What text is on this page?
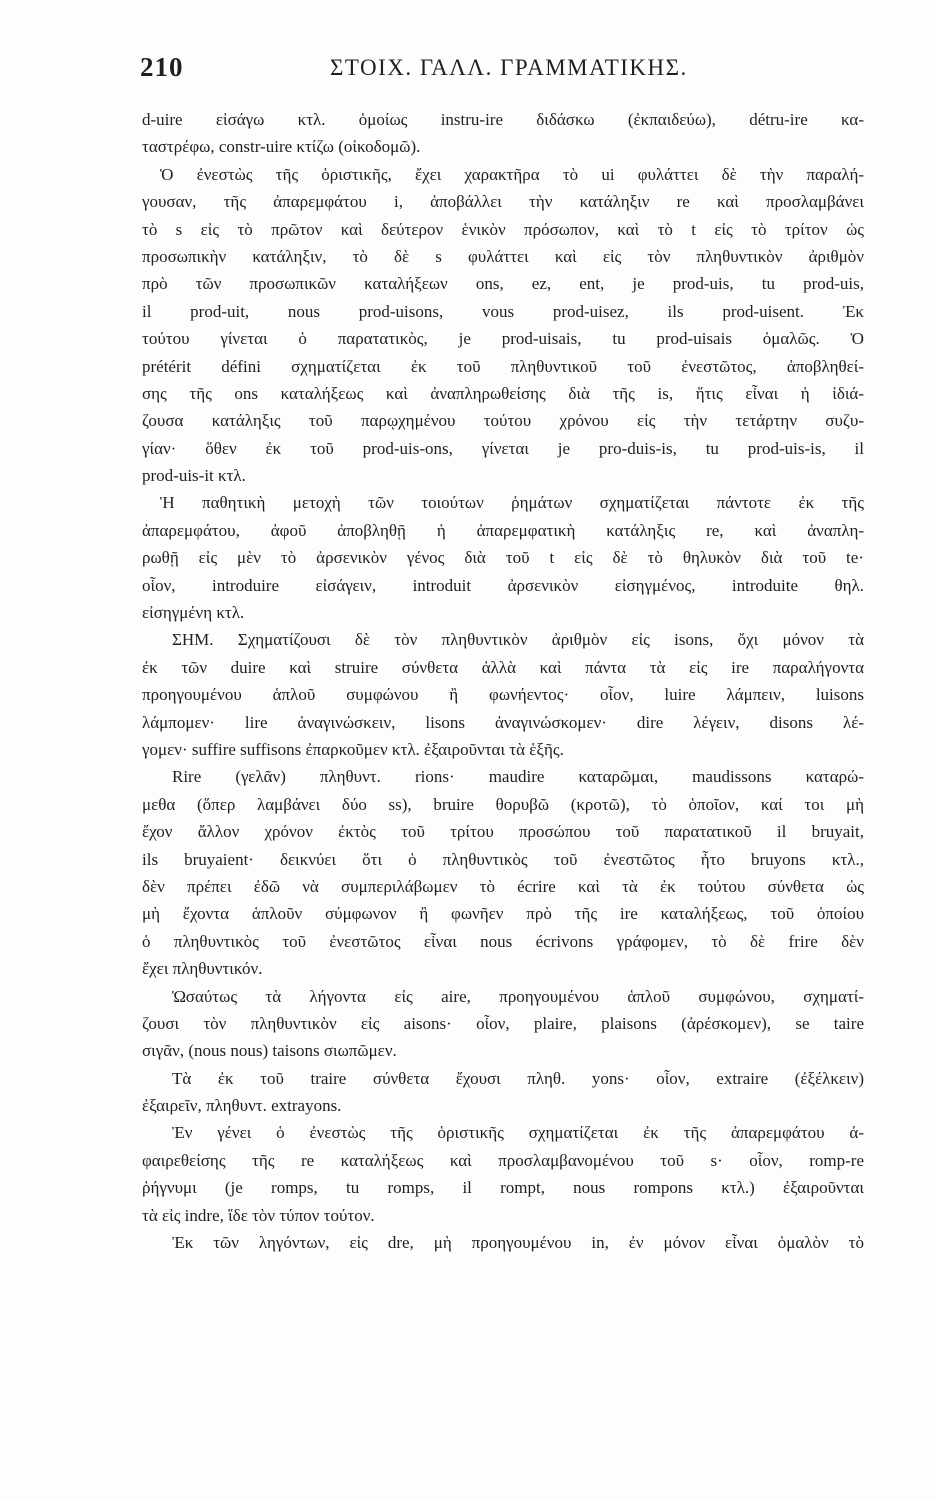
210	ΣΤΟΙΧ. ΓΑΛΛ. ΓΡΑΜΜΑΤΙΚΗΣ.
d-uire εἰσάγω κτλ. ὁμοίως instru-ire διδάσκω (ἐκπαιδεύω), détru-ire κα-
ταστρέφω, constr-uire κτίζω (οἰκοδομῶ).
Ὁ ἐνεστὼς τῆς ὁριστικῆς, ἔχει χαρακτῆρα τὸ ui φυλάττει δὲ τὴν παραλή-
γουσαν, τῆς ἀπαρεμφάτου i, ἀποβάλλει τὴν κατάληξιν re καὶ προσλαμβάνει
τὸ s εἰς τὸ πρῶτον καὶ δεύτερον ἑνικὸν πρόσωπον, καὶ τὸ t εἰς τὸ τρίτον ὡς
προσωπικὴν κατάληξιν, τὸ δὲ s φυλάττει καὶ εἰς τὸν πληθυντικὸν ἀριθμὸν
πρὸ τῶν προσωπικῶν καταλήξεων ons, ez, ent, je prod-uis, tu prod-uis,
il prod-uit, nous prod-uisons, vous prod-uisez, ils prod-uisent. Ἐκ
τούτου γίνεται ὁ παρατατικὸς, je prod-uisais, tu prod-uisais ὁμαλῶς. Ὁ
prétérit défini σχηματίζεται ἐκ τοῦ πληθυντικοῦ τοῦ ἐνεστῶτος, ἀποβληθεί-
σης τῆς ons καταλήξεως καὶ ἀναπληρωθείσης διὰ τῆς is, ἥτις εἶναι ἡ ἰδιά-
ζουσα κατάληξις τοῦ παρῳχημένου τούτου χρόνου εἰς τὴν τετάρτην συζυ-
γίαν· ὅθεν ἐκ τοῦ prod-uis-ons, γίνεται je pro-duis-is, tu prod-uis-is, il
prod-uis-it κτλ.
Ἡ παθητικὴ μετοχὴ τῶν τοιούτων ῥημάτων σχηματίζεται πάντοτε ἐκ τῆς
ἀπαρεμφάτου, ἀφοῦ ἀποβληθῇ ἡ ἀπαρεμφατικὴ κατάληξις re, καὶ ἀναπλη-
ρωθῇ εἰς μὲν τὸ ἀρσενικὸν γένος διὰ τοῦ t εἰς δὲ τὸ θηλυκὸν διὰ τοῦ te·
οἷον, introduire εἰσάγειν, introduit ἀρσενικὸν εἰσηγμένος, introduite θηλ.
εἰσηγμένη κτλ.
ΣΗΜ. Σχηματίζουσι δὲ τὸν πληθυντικὸν ἀριθμὸν εἰς isons, ὄχι μόνον τὰ
ἐκ τῶν duire καὶ struire σύνθετα ἀλλὰ καὶ πάντα τὰ εἰς ire παραλήγοντα
προηγουμένου ἁπλοῦ συμφώνου ἢ φωνήεντος· οἷον, luire λάμπειν, luisons
λάμπομεν· lire ἀναγινώσκειν, lisons ἀναγινώσκομεν· dire λέγειν, disons λέ-
γομεν· suffire suffisons ἐπαρκοῦμεν κτλ. ἐξαιροῦνται τὰ ἑξῆς.
Rire (γελᾶν) πληθυντ. rions· maudire καταρῶμαι, maudissons καταρώ-
μεθα (ὅπερ λαμβάνει δύο ss), bruire θορυβῶ (κροτῶ), τὸ ὁποῖον, καί τοι μὴ
ἔχον ἄλλον χρόνον ἐκτὸς τοῦ τρίτου προσώπου τοῦ παρατατικοῦ il bruyait,
ils bruyaient· δεικνύει ὅτι ὁ πληθυντικὸς τοῦ ἐνεστῶτος ἦτο bruyons κτλ.,
δὲν πρέπει ἐδῶ νὰ συμπεριλάβωμεν τὸ écrire καὶ τὰ ἐκ τούτου σύνθετα ὡς
μὴ ἔχοντα ἁπλοῦν σύμφωνον ἢ φωνῆεν πρὸ τῆς ire καταλήξεως, τοῦ ὁποίου
ὁ πληθυντικὸς τοῦ ἐνεστῶτος εἶναι nous écrivons γράφομεν, τὸ δὲ frire δὲν
ἔχει πληθυντικόν.
Ὡσαύτως τὰ λήγοντα εἰς aire, προηγουμένου ἁπλοῦ συμφώνου, σχηματί-
ζουσι τὸν πληθυντικὸν εἰς aisons· οἷον, plaire, plaisons (ἀρέσκομεν), se taire
σιγᾶν, (nous nous) taisons σιωπῶμεν.
Τὰ ἐκ τοῦ traire σύνθετα ἔχουσι πληθ. yons· οἷον, extraire (ἐξέλκειν)
ἐξαιρεῖν, πληθυντ. extrayons.
Ἐν γένει ὁ ἐνεστὼς τῆς ὁριστικῆς σχηματίζεται ἐκ τῆς ἀπαρεμφάτου ἀ-
φαιρεθείσης τῆς re καταλήξεως καὶ προσλαμβανομένου τοῦ s· οἷον, romp-re
ῥήγνυμι (je romps, tu romps, il rompt, nous rompons κτλ.) ἐξαιροῦνται
τὰ εἰς indre, ἴδε τὸν τύπον τούτον.
Ἐκ τῶν ληγόντων, εἰς dre, μὴ προηγουμένου in, ἐν μόνον εἶναι ὁμαλὸν τὸ
